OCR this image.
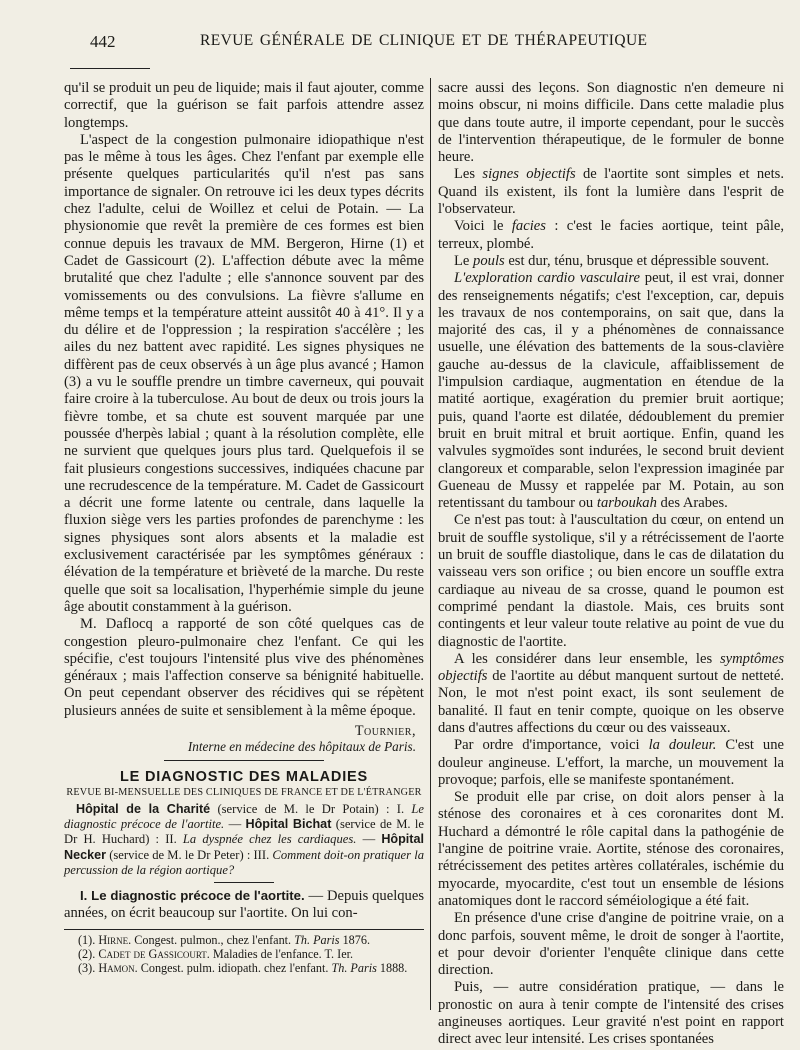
442	REVUE GÉNÉRALE DE CLINIQUE ET DE THÉRAPEUTIQUE

qu'il se produit un peu de liquide; mais il faut ajouter, comme correctif, que la guérison se fait parfois attendre assez longtemps.

L'aspect de la congestion pulmonaire idiopathique n'est pas le même à tous les âges. Chez l'enfant par exemple elle présente quelques particularités qu'il n'est pas sans importance de signaler. On retrouve ici les deux types décrits chez l'adulte, celui de Woillez et celui de Potain. — La physionomie que revêt la première de ces formes est bien connue depuis les travaux de MM. Bergeron, Hirne (1) et Cadet de Gassicourt (2). L'affection débute avec la même brutalité que chez l'adulte ; elle s'annonce souvent par des vomissements ou des convulsions. La fièvre s'allume en même temps et la température atteint aussitôt 40 à 41°. Il y a du délire et de l'oppression ; la respiration s'accélère ; les ailes du nez battent avec rapidité. Les signes physiques ne diffèrent pas de ceux observés à un âge plus avancé ; Hamon (3) a vu le souffle prendre un timbre caverneux, qui pouvait faire croire à la tuberculose. Au bout de deux ou trois jours la fièvre tombe, et sa chute est souvent marquée par une poussée d'herpès labial ; quant à la résolution complète, elle ne survient que quelques jours plus tard. Quelquefois il se fait plusieurs congestions successives, indiquées chacune par une recrudescence de la température. M. Cadet de Gassicourt a décrit une forme latente ou centrale, dans laquelle la fluxion siège vers les parties profondes de parenchyme : les signes physiques sont alors absents et la maladie est exclusivement caractérisée par les symptômes généraux : élévation de la température et brièveté de la marche. Du reste quelle que soit sa localisation, l'hyperhémie simple du jeune âge aboutit constamment à la guérison.

M. Daflocq a rapporté de son côté quelques cas de congestion pleuro-pulmonaire chez l'enfant. Ce qui les spécifie, c'est toujours l'intensité plus vive des phénomènes généraux ; mais l'affection conserve sa bénignité habituelle. On peut cependant observer des récidives qui se répètent plusieurs années de suite et sensiblement à la même époque.

Tournier,
Interne en médecine des hôpitaux de Paris.
LE DIAGNOSTIC DES MALADIES
REVUE BI-MENSUELLE DES CLINIQUES DE FRANCE ET DE L'ÉTRANGER

Hôpital de la Charité (service de M. le Dr Potain) : I. Le diagnostic précoce de l'aortite. — Hôpital Bichat (service de M. le Dr H. Huchard) : II. La dyspnée chez les cardiaques. — Hôpital Necker (service de M. le Dr Peter) : III. Comment doit-on pratiquer la percussion de la région aortique?

I. Le diagnostic précoce de l'aortite. — Depuis quelques années, on écrit beaucoup sur l'aortite. On lui con-

(1). Hirne. Congest. pulmon., chez l'enfant. Th. Paris 1876.

(2). Cadet de Gassicourt. Maladies de l'enfance. T. Ier.

(3). Hamon. Congest. pulm. idiopath. chez l'enfant. Th. Paris 1888.

sacre aussi des leçons. Son diagnostic n'en demeure ni moins obscur, ni moins difficile. Dans cette maladie plus que dans toute autre, il importe cependant, pour le succès de l'intervention thérapeutique, de le formuler de bonne heure.

Les signes objectifs de l'aortite sont simples et nets. Quand ils existent, ils font la lumière dans l'esprit de l'observateur.

Voici le facies : c'est le facies aortique, teint pâle, terreux, plombé.

Le pouls est dur, ténu, brusque et dépressible souvent.

L'exploration cardio vasculaire peut, il est vrai, donner des renseignements négatifs; c'est l'exception, car, depuis les travaux de nos contemporains, on sait que, dans la majorité des cas, il y a phénomènes de connaissance usuelle, une élévation des battements de la sous-clavière gauche au-dessus de la clavicule, affaiblissement de l'impulsion cardiaque, augmentation en étendue de la matité aortique, exagération du premier bruit aortique; puis, quand l'aorte est dilatée, dédoublement du premier bruit en bruit mitral et bruit aortique. Enfin, quand les valvules sygmoïdes sont indurées, le second bruit devient clangoreux et comparable, selon l'expression imaginée par Gueneau de Mussy et rappelée par M. Potain, au son retentissant du tambour ou tarboukah des Arabes.

Ce n'est pas tout: à l'auscultation du cœur, on entend un bruit de souffle systolique, s'il y a rétrécissement de l'aorte un bruit de souffle diastolique, dans le cas de dilatation du vaisseau vers son orifice ; ou bien encore un souffle extra cardiaque au niveau de sa crosse, quand le poumon est comprimé pendant la diastole. Mais, ces bruits sont contingents et leur valeur toute relative au point de vue du diagnostic de l'aortite.

A les considérer dans leur ensemble, les symptômes objectifs de l'aortite au début manquent surtout de netteté. Non, le mot n'est point exact, ils sont seulement de banalité. Il faut en tenir compte, quoique on les observe dans d'autres affections du cœur ou des vaisseaux.

Par ordre d'importance, voici la douleur. C'est une douleur angineuse. L'effort, la marche, un mouvement la provoque; parfois, elle se manifeste spontanément.

Se produit elle par crise, on doit alors penser à la sténose des coronaires et à ces coronarites dont M. Huchard a démontré le rôle capital dans la pathogénie de l'angine de poitrine vraie. Aortite, sténose des coronaires, rétrécissement des petites artères collatérales, ischémie du myocarde, myocardite, c'est tout un ensemble de lésions anatomiques dont le raccord séméiologique a été fait.

En présence d'une crise d'angine de poitrine vraie, on a donc parfois, souvent même, le droit de songer à l'aortite, et pour devoir d'orienter l'enquête clinique dans cette direction.

Puis, — autre considération pratique, — dans le pronostic on aura à tenir compte de l'intensité des crises angineuses aortiques. Leur gravité n'est point en rapport direct avec leur intensité. Les crises spontanées
